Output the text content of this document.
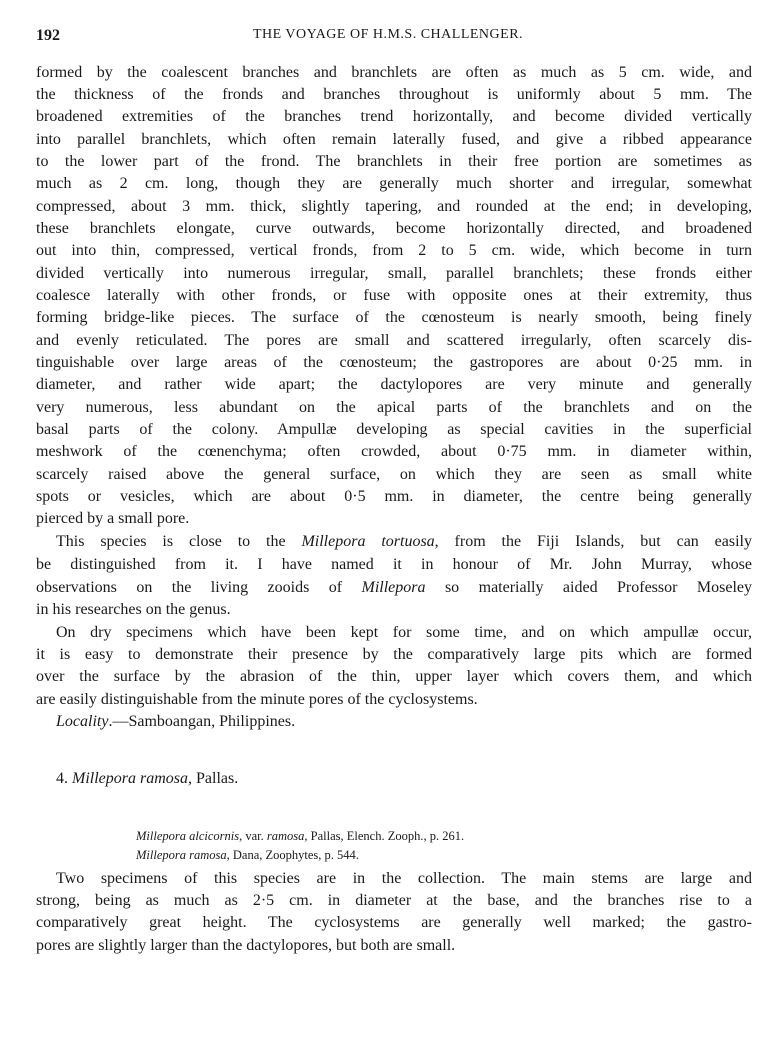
192	THE VOYAGE OF H.M.S. CHALLENGER.
formed by the coalescent branches and branchlets are often as much as 5 cm. wide, and
the thickness of the fronds and branches throughout is uniformly about 5 mm. The
broadened extremities of the branches trend horizontally, and become divided vertically
into parallel branchlets, which often remain laterally fused, and give a ribbed appearance
to the lower part of the frond. The branchlets in their free portion are sometimes as
much as 2 cm. long, though they are generally much shorter and irregular, somewhat
compressed, about 3 mm. thick, slightly tapering, and rounded at the end; in developing,
these branchlets elongate, curve outwards, become horizontally directed, and broadened
out into thin, compressed, vertical fronds, from 2 to 5 cm. wide, which become in turn
divided vertically into numerous irregular, small, parallel branchlets; these fronds either
coalesce laterally with other fronds, or fuse with opposite ones at their extremity, thus
forming bridge-like pieces. The surface of the cœnosteum is nearly smooth, being finely
and evenly reticulated. The pores are small and scattered irregularly, often scarcely dis-
tinguishable over large areas of the cœnosteum; the gastropores are about 0·25 mm. in
diameter, and rather wide apart; the dactylopores are very minute and generally
very numerous, less abundant on the apical parts of the branchlets and on the
basal parts of the colony. Ampullæ developing as special cavities in the superficial
meshwork of the cœnenchyma; often crowded, about 0·75 mm. in diameter within,
scarcely raised above the general surface, on which they are seen as small white
spots or vesicles, which are about 0·5 mm. in diameter, the centre being generally
pierced by a small pore.
This species is close to the Millepora tortuosa, from the Fiji Islands, but can easily
be distinguished from it. I have named it in honour of Mr. John Murray, whose
observations on the living zooids of Millepora so materially aided Professor Moseley
in his researches on the genus.
On dry specimens which have been kept for some time, and on which ampullæ occur,
it is easy to demonstrate their presence by the comparatively large pits which are formed
over the surface by the abrasion of the thin, upper layer which covers them, and which
are easily distinguishable from the minute pores of the cyclosystems.
Locality.—Samboangan, Philippines.
4. Millepora ramosa, Pallas.
Millepora alcicornis, var. ramosa, Pallas, Elench. Zooph., p. 261.
Millepora ramosa, Dana, Zoophytes, p. 544.
Two specimens of this species are in the collection. The main stems are large and
strong, being as much as 2·5 cm. in diameter at the base, and the branches rise to a
comparatively great height. The cyclosystems are generally well marked; the gastro-
pores are slightly larger than the dactylopores, but both are small.
